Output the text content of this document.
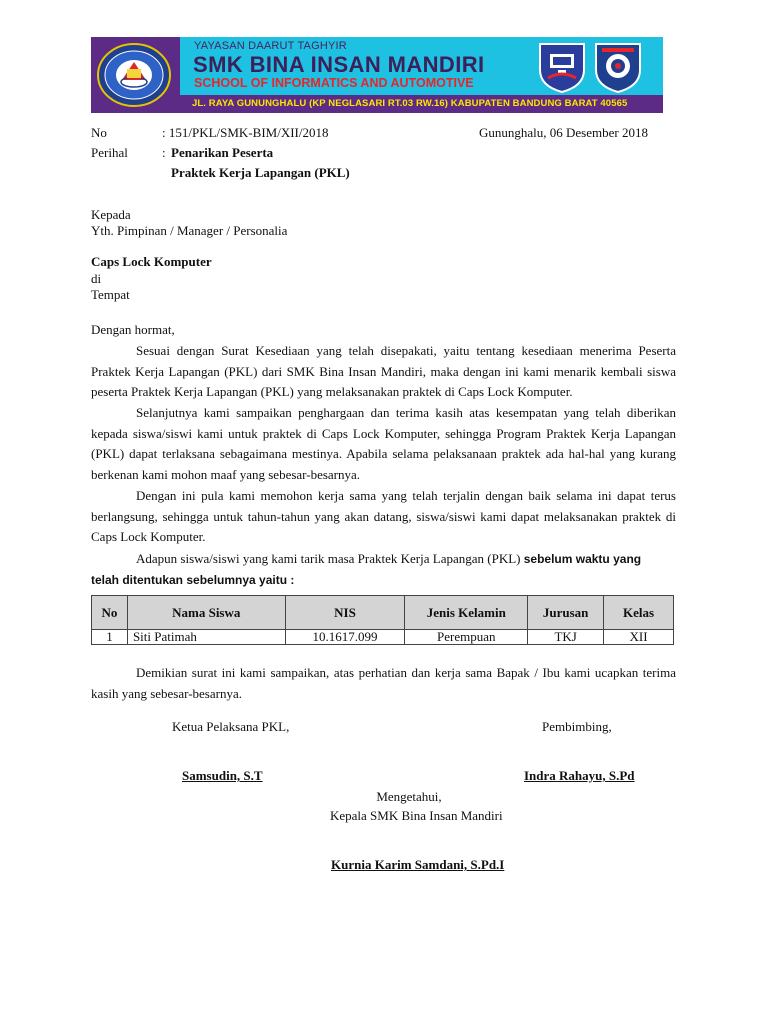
YAYASAN DAARUT TAGHYIR
SMK BINA INSAN MANDIRI
SCHOOL OF INFORMATICS AND AUTOMOTIVE
JL. RAYA GUNUNGHALU (KP NEGLASARI RT.03 RW.16) KABUPATEN BANDUNG BARAT 40565
No	: 151/PKL/SMK-BIM/XII/2018	Gununghalu, 06 Desember 2018
Perihal	: Penarikan Peserta
Praktek Kerja Lapangan (PKL)
Kepada
Yth. Pimpinan / Manager / Personalia
Caps Lock Komputer
di
Tempat
Dengan hormat,
Sesuai dengan Surat Kesediaan yang telah disepakati, yaitu tentang kesediaan menerima Peserta Praktek Kerja Lapangan (PKL) dari SMK Bina Insan Mandiri, maka dengan ini kami menarik kembali siswa peserta Praktek Kerja Lapangan (PKL) yang melaksanakan praktek di Caps Lock Komputer.
Selanjutnya kami sampaikan penghargaan dan terima kasih atas kesempatan yang telah diberikan kepada siswa/siswi kami untuk praktek di Caps Lock Komputer, sehingga Program Praktek Kerja Lapangan (PKL) dapat terlaksana sebagaimana mestinya. Apabila selama pelaksanaan praktek ada hal-hal yang kurang berkenan kami mohon maaf yang sebesar-besarnya.
Dengan ini pula kami memohon kerja sama yang telah terjalin dengan baik selama ini dapat terus berlangsung, sehingga untuk tahun-tahun yang akan datang, siswa/siswi kami dapat melaksanakan praktek di Caps Lock Komputer.
Adapun siswa/siswi yang kami tarik masa Praktek Kerja Lapangan (PKL) sebelum waktu yang
telah ditentukan sebelumnya yaitu :
No	Nama Siswa	NIS	Jenis Kelamin	Jurusan	Kelas
1	Siti Patimah	10.1617.099	Perempuan	TKJ	XII
Demikian surat ini kami sampaikan, atas perhatian dan kerja sama Bapak / Ibu kami ucapkan terima kasih yang sebesar-besarnya.
Ketua Pelaksana PKL,	Pembimbing,
Samsudin, S.T	Indra Rahayu, S.Pd
Mengetahui,
Kepala SMK Bina Insan Mandiri
Kurnia Karim Samdani, S.Pd.I
